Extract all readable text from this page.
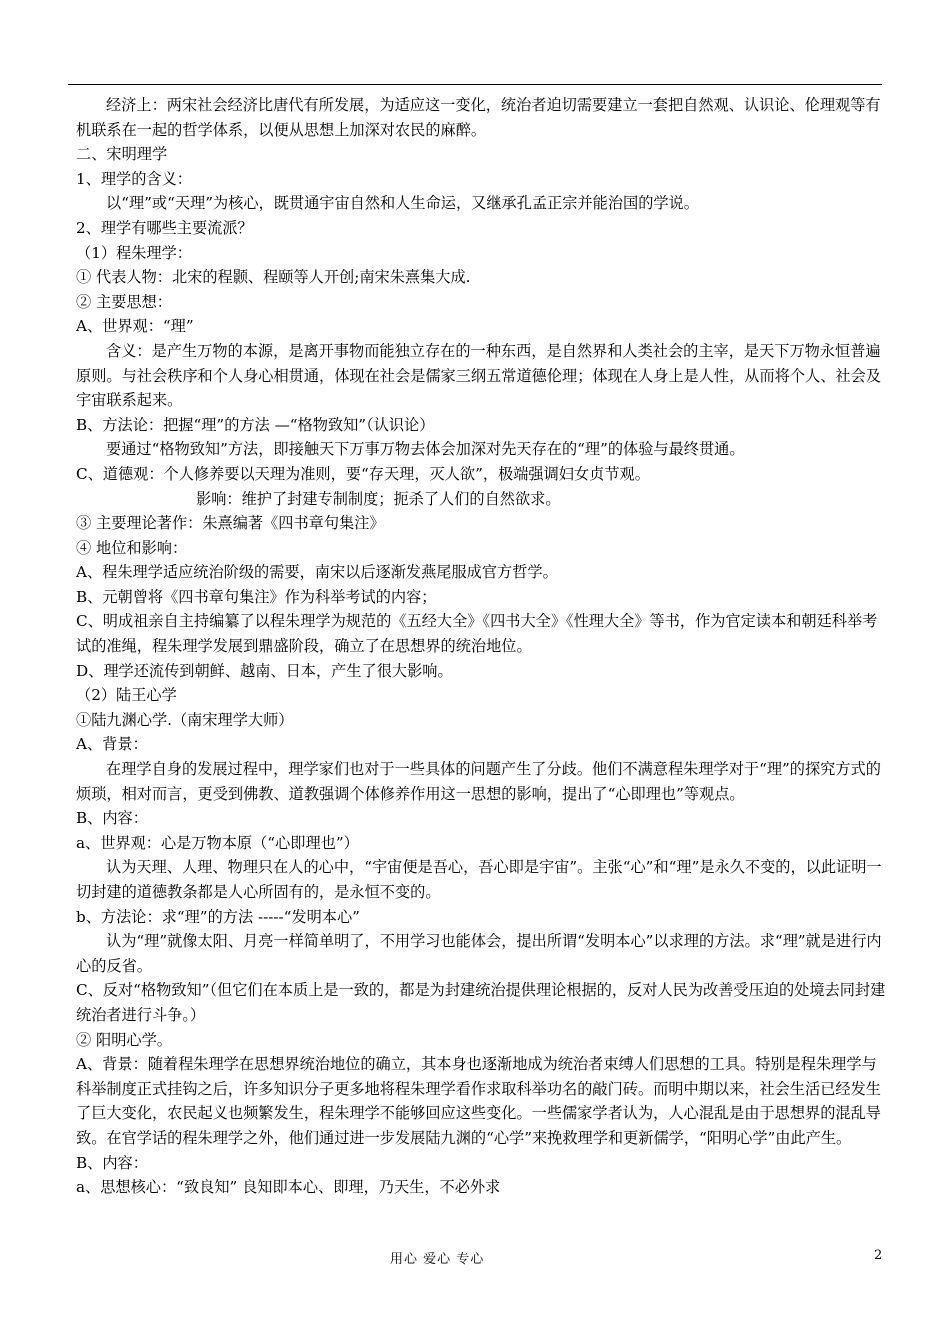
经济上：两宋社会经济比唐代有所发展，为适应这一变化，统治者迫切需要建立一套把自然观、认识论、伦理观等有机联系在一起的哲学体系，以便从思想上加深对农民的麻醉。

二、宋明理学

1、理学的含义：

以“理”或“天理”为核心，既贯通宇宙自然和人生命运，又继承孔孟正宗并能治国的学说。

2、理学有哪些主要流派？

（1）程朱理学：

① 代表人物：北宋的程颢、程颐等人开创;南宋朱熹集大成.

② 主要思想：

A、世界观：“理”

含义：是产生万物的本源，是离开事物而能独立存在的一种东西，是自然界和人类社会的主宰，是天下万物永恒普遍原则。与社会秩序和个人身心相贯通，体现在社会是儒家三纲五常道德伦理；体现在人身上是人性，从而将个人、社会及宇宙联系起来。

B、方法论：把握“理”的方法 —“格物致知”（认识论）

要通过“格物致知”方法，即接触天下万事万物去体会加深对先天存在的“理”的体验与最终贯通。

C、道德观：个人修养要以天理为准则，要“存天理，灭人欲”，极端强调妇女贞节观。

影响：维护了封建专制制度；扼杀了人们的自然欲求。

③ 主要理论著作：朱熹编著《四书章句集注》

④ 地位和影响：

A、程朱理学适应统治阶级的需要，南宋以后逐渐发燕尾服成官方哲学。

B、元朝曾将《四书章句集注》作为科举考试的内容；

C、明成祖亲自主持编纂了以程朱理学为规范的《五经大全》《四书大全》《性理大全》等书，作为官定读本和朝廷科举考试的准绳，程朱理学发展到鼎盛阶段，确立了在思想界的统治地位。

D、理学还流传到朝鲜、越南、日本，产生了很大影响。

（2）陆王心学

①陆九渊心学.（南宋理学大师）

A、背景：

在理学自身的发展过程中，理学家们也对于一些具体的问题产生了分歧。他们不满意程朱理学对于“理”的探究方式的烦琐，相对而言，更受到佛教、道教强调个体修养作用这一思想的影响，提出了“心即理也”等观点。

B、内容：

a、世界观：心是万物本原（“心即理也”）

认为天理、人理、物理只在人的心中，“宇宙便是吾心，吾心即是宇宙”。主张“心”和“理”是永久不变的，以此证明一切封建的道德教条都是人心所固有的，是永恒不变的。

b、方法论：求“理”的方法 -----“发明本心”

认为“理”就像太阳、月亮一样简单明了，不用学习也能体会，提出所谓“发明本心”以求理的方法。求“理”就是进行内心的反省。

C、反对“格物致知”（但它们在本质上是一致的，都是为封建统治提供理论根据的，反对人民为改善受压迫的处境去同封建统治者进行斗争。）

② 阳明心学。

A、背景：随着程朱理学在思想界统治地位的确立，其本身也逐渐地成为统治者束缚人们思想的工具。特别是程朱理学与科举制度正式挂钩之后，许多知识分子更多地将程朱理学看作求取科举功名的敲门砖。而明中期以来，社会生活已经发生了巨大变化，农民起义也频繁发生，程朱理学不能够回应这些变化。一些儒家学者认为，人心混乱是由于思想界的混乱导致。在官学话的程朱理学之外，他们通过进一步发展陆九渊的“心学”来挽救理学和更新儒学，“阳明心学”由此产生。

B、内容：

a、思想核心：“致良知” 良知即本心、即理，乃天生，不必外求

用心 爱心 专心	2
